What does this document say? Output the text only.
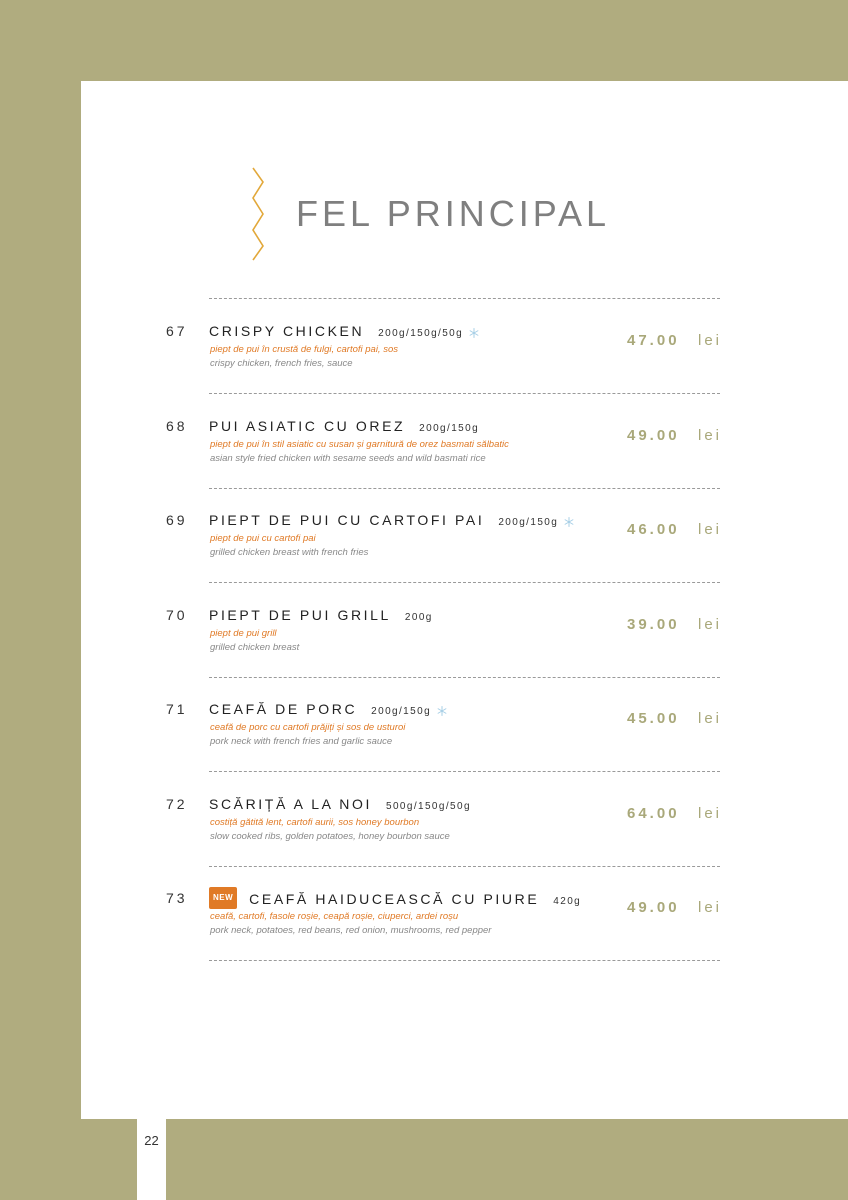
22
FEL PRINCIPAL
67 CRISPY CHICKEN 200g/150g/50g
piept de pui în crustă de fulgi, cartofi pai, sos
crispy chicken, french fries, sauce
47.00 lei
68 PUI ASIATIC CU OREZ 200g/150g
piept de pui în stil asiatic cu susan și garnitură de orez basmati sălbatic
asian style fried chicken with sesame seeds and wild basmati rice
49.00 lei
69 PIEPT DE PUI CU CARTOFI PAI 200g/150g
piept de pui cu cartofi pai
grilled chicken breast with french fries
46.00 lei
70 PIEPT DE PUI GRILL 200g
piept de pui grill
grilled chicken breast
39.00 lei
71 CEAFĂ DE PORC 200g/150g
ceafă de porc cu cartofi prăjiți și sos de usturoi
pork neck with french fries and garlic sauce
45.00 lei
72 SCĂRIȚĂ A LA NOI 500g/150g/50g
costiță gătită lent, cartofi aurii, sos honey bourbon
slow cooked ribs, golden potatoes, honey bourbon sauce
64.00 lei
73	NEW CEAFĂ HAIDUCEASCĂ CU PIURE 420g
ceafă, cartofi, fasole roșie, ceapă roșie, ciuperci, ardei roșu
pork neck, potatoes, red beans, red onion, mushrooms, red pepper
49.00 lei
